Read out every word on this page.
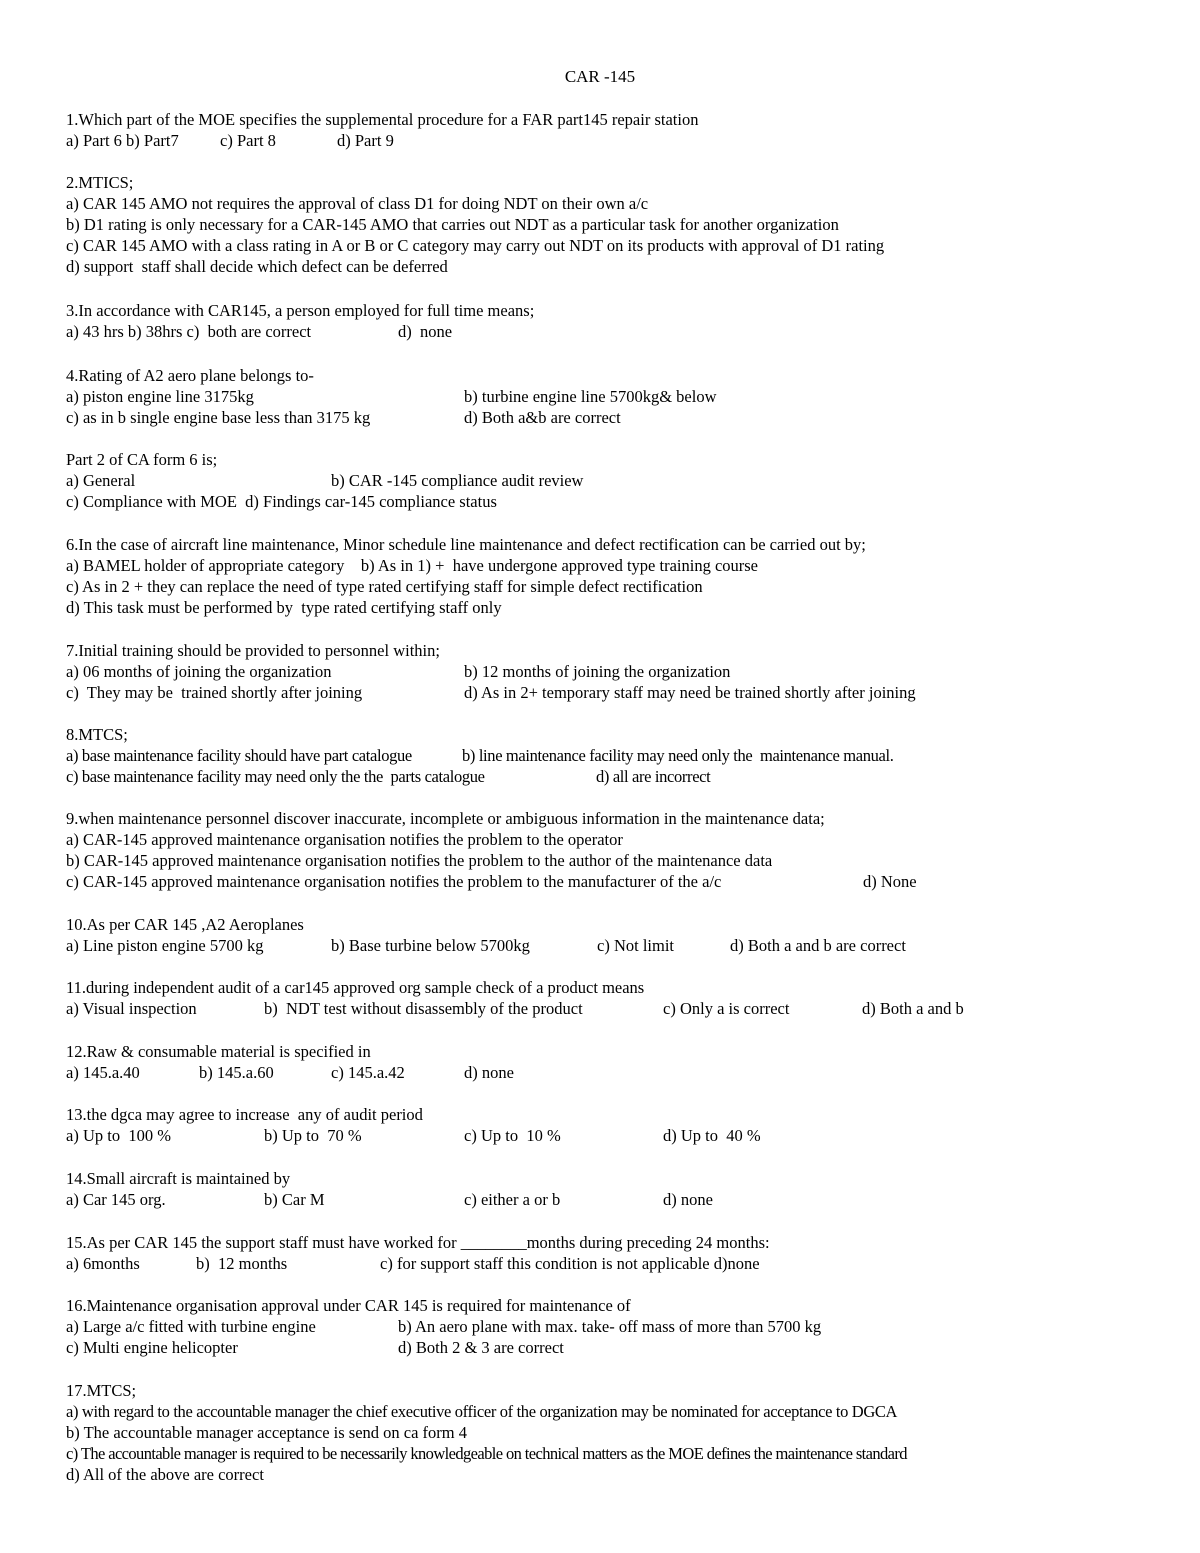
CAR -145
1.Which part of the MOE specifies the supplemental procedure for a FAR part145 repair station

a) Part 6 b) Part7

	c) Part 8

	d) Part 9

2.MTICS;
a) CAR 145 AMO not requires the approval of class D1 for doing NDT on their own a/c
b) D1 rating is only necessary for a CAR-145 AMO that carries out NDT as a particular task for another organization
c) CAR 145 AMO with a class rating in A or B or C category may carry out NDT on its products with approval of D1 rating
d) support  staff shall decide which defect can be deferred
3.In accordance with CAR145, a person employed for full time means;

a) 43 hrs b) 38hrs c)  both are correct

	d)  none

4.Rating of A2 aero plane belongs to-

a) piston engine line 3175kg

	b) turbine engine line 5700kg& below

c) as in b single engine base less than 3175 kg

	d) Both a&b are correct

Part 2 of CA form 6 is;

a) General

	b) CAR -145 compliance audit review

c) Compliance with MOE  d) Findings car-145 compliance status
6.In the case of aircraft line maintenance, Minor schedule line maintenance and defect rectification can be carried out by;
a) BAMEL holder of appropriate category    b) As in 1) +  have undergone approved type training course
c) As in 2 + they can replace the need of type rated certifying staff for simple defect rectification
d) This task must be performed by  type rated certifying staff only
7.Initial training should be provided to personnel within;

a) 06 months of joining the organization

	b) 12 months of joining the organization

c)  They may be  trained shortly after joining

	d) As in 2+ temporary staff may need be trained shortly after joining

8.MTCS;

a) base maintenance facility should have part catalogue

	b) line maintenance facility may need only the  maintenance manual.

c) base maintenance facility may need only the the  parts catalogue

	d) all are incorrect

9.when maintenance personnel discover inaccurate, incomplete or ambiguous information in the maintenance data;
a) CAR-145 approved maintenance organisation notifies the problem to the operator
b) CAR-145 approved maintenance organisation notifies the problem to the author of the maintenance data

c) CAR-145 approved maintenance organisation notifies the problem to the manufacturer of the a/c

	d) None

10.As per CAR 145 ,A2 Aeroplanes

a) Line piston engine 5700 kg

	b) Base turbine below 5700kg

	c) Not limit

	d) Both a and b are correct

11.during independent audit of a car145 approved org sample check of a product means

a) Visual inspection

	b)  NDT test without disassembly of the product

	c) Only a is correct

	d) Both a and b

12.Raw & consumable material is specified in

a) 145.a.40

	b) 145.a.60

	c) 145.a.42

	d) none

13.the dgca may agree to increase  any of audit period

a) Up to  100 %

	b) Up to  70 %

	c) Up to  10 %

	d) Up to  40 %

14.Small aircraft is maintained by

a) Car 145 org.

	b) Car M

	c) either a or b

	d) none

15.As per CAR 145 the support staff must have worked for ________months during preceding 24 months:

a) 6months

	b)  12 months

	c) for support staff this condition is not applicable d)none

16.Maintenance organisation approval under CAR 145 is required for maintenance of

a) Large a/c fitted with turbine engine

	b) An aero plane with max. take- off mass of more than 5700 kg

c) Multi engine helicopter

	d) Both 2 & 3 are correct

17.MTCS;
a) with regard to the accountable manager the chief executive officer of the organization may be nominated for acceptance to DGCA
b) The accountable manager acceptance is send on ca form 4
c) The accountable manager is required to be necessarily knowledgeable on technical matters as the MOE defines the maintenance standard
d) All of the above are correct
